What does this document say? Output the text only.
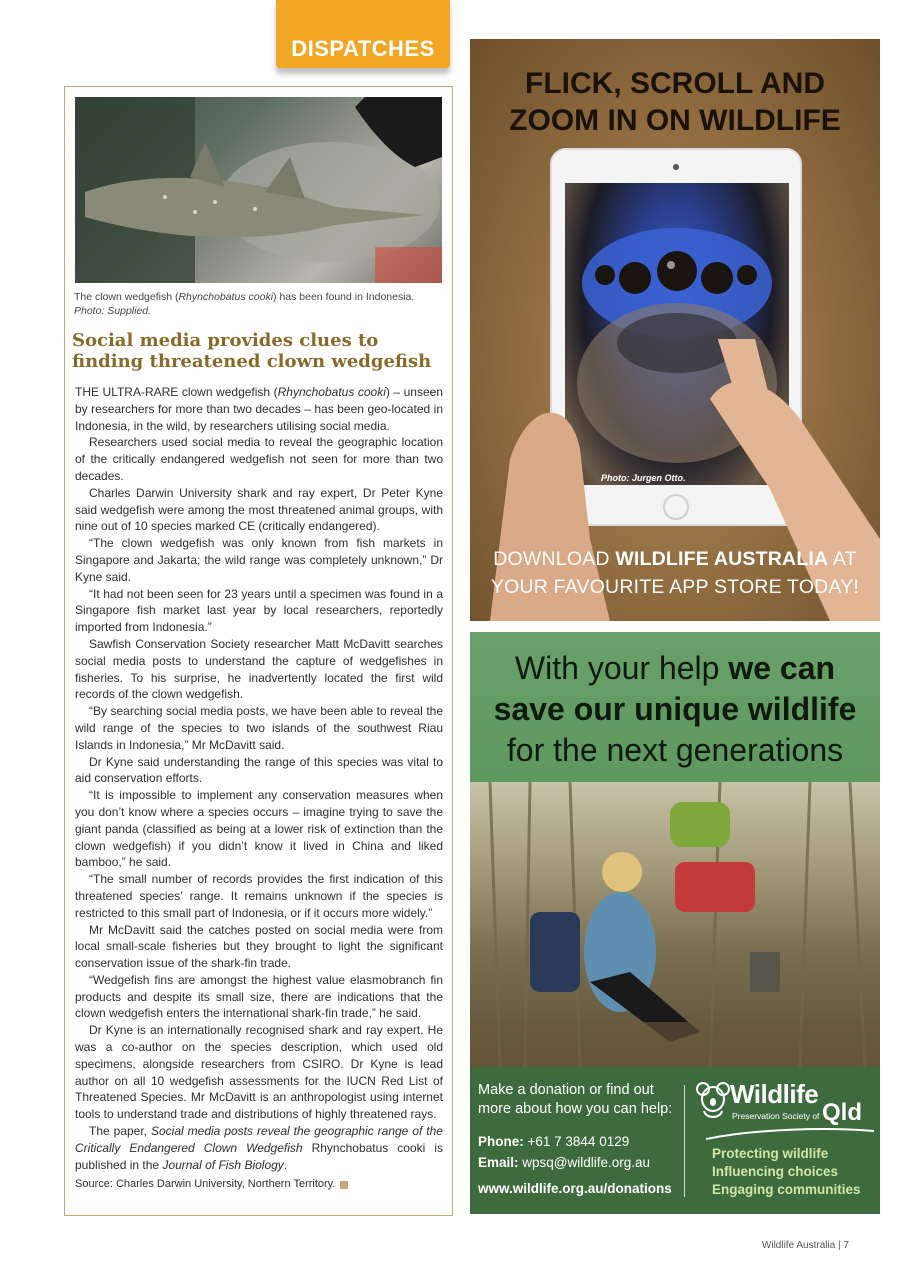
DISPATCHES
The clown wedgefish (Rhynchobatus cooki) has been found in Indonesia. Photo: Supplied.
Social media provides clues to finding threatened clown wedgefish

THE ULTRA-RARE clown wedgefish (Rhynchobatus cooki) – unseen by researchers for more than two decades – has been geo-located in Indonesia, in the wild, by researchers utilising social media.

Researchers used social media to reveal the geographic location of the critically endangered wedgefish not seen for more than two decades.

Charles Darwin University shark and ray expert, Dr Peter Kyne said wedgefish were among the most threatened animal groups, with nine out of 10 species marked CE (critically endangered).

“The clown wedgefish was only known from fish markets in Singapore and Jakarta; the wild range was completely unknown,” Dr Kyne said.

“It had not been seen for 23 years until a specimen was found in a Singapore fish market last year by local researchers, reportedly imported from Indonesia.”

Sawfish Conservation Society researcher Matt McDavitt searches social media posts to understand the capture of wedgefishes in fisheries. To his surprise, he inadvertently located the first wild records of the clown wedgefish.

“By searching social media posts, we have been able to reveal the wild range of the species to two islands of the southwest Riau Islands in Indonesia,” Mr McDavitt said.

Dr Kyne said understanding the range of this species was vital to aid conservation efforts.

“It is impossible to implement any conservation measures when you don’t know where a species occurs – imagine trying to save the giant panda (classified as being at a lower risk of extinction than the clown wedgefish) if you didn’t know it lived in China and liked bamboo,” he said.

“The small number of records provides the first indication of this threatened species’ range. It remains unknown if the species is restricted to this small part of Indonesia, or if it occurs more widely.”

Mr McDavitt said the catches posted on social media were from local small-scale fisheries but they brought to light the significant conservation issue of the shark-fin trade.

“Wedgefish fins are amongst the highest value elasmobranch fin products and despite its small size, there are indications that the clown wedgefish enters the international shark-fin trade,” he said.

Dr Kyne is an internationally recognised shark and ray expert. He was a co-author on the species description, which used old specimens, alongside researchers from CSIRO. Dr Kyne is lead author on all 10 wedgefish assessments for the IUCN Red List of Threatened Species. Mr McDavitt is an anthropologist using internet tools to understand trade and distributions of highly threatened rays.

The paper, Social media posts reveal the geographic range of the Critically Endangered Clown Wedgefish Rhynchobatus cooki is published in the Journal of Fish Biology.

Source: Charles Darwin University, Northern Territory.

FLICK, SCROLL AND
ZOOM IN ON WILDLIFE
Photo: Jurgen Otto.
DOWNLOAD WILDLIFE AUSTRALIA AT
YOUR FAVOURITE APP STORE TODAY!
With your help we can
save our unique wildlife
for the next generations
Make a donation or find out more about how you can help:
Phone: +61 7 3844 0129
Email: wpsq@wildlife.org.au
www.wildlife.org.au/donations
Wildlife
Preservation Society of Qld
Protecting wildlife
Influencing choices
Engaging communities
Wildlife Australia | 7
